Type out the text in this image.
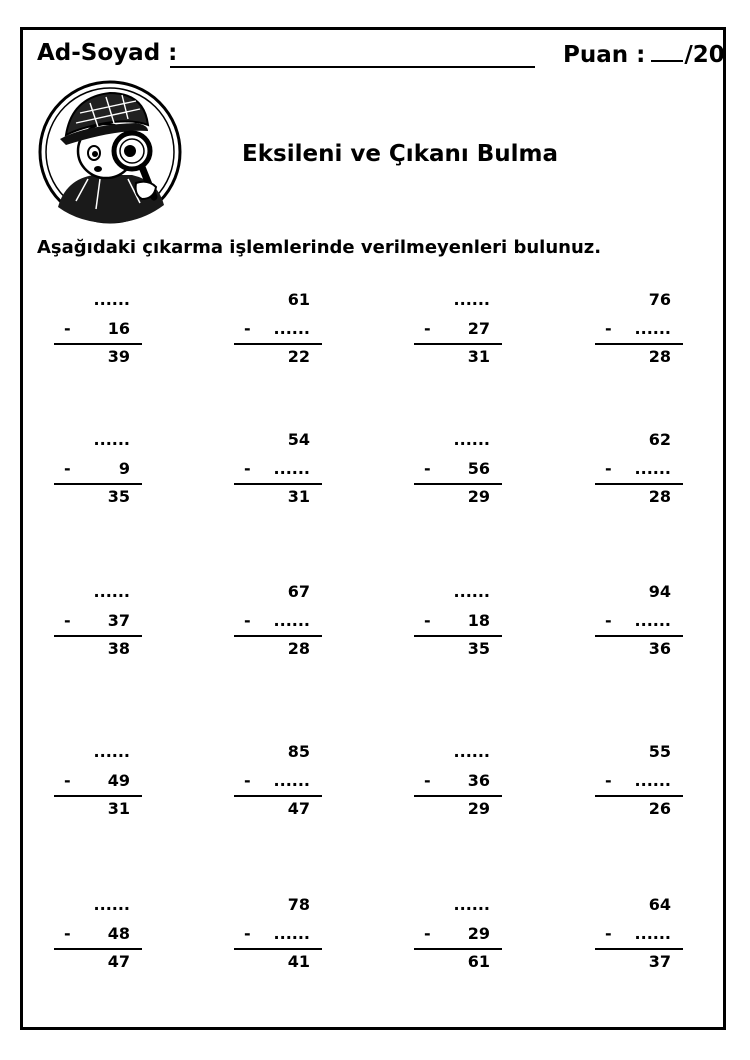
Ad-Soyad :	Puan : /20
Eksileni ve Çıkanı Bulma
Aşağıdaki çıkarma işlemlerinde verilmeyenleri bulunuz.
......
- 16
39
61
- ......
22
......
- 27
31
76
- ......
28
......
-	9
35
54
- ......
31
......
- 56
29
62
- ......
28
......
- 37
38
67
- ......
28
......
- 18
35
94
- ......
36
......
- 49
31
85
- ......
47
......
- 36
29
55
- ......
26
......
- 48
47
78
- ......
41
......
- 29
61
64
- ......
37
